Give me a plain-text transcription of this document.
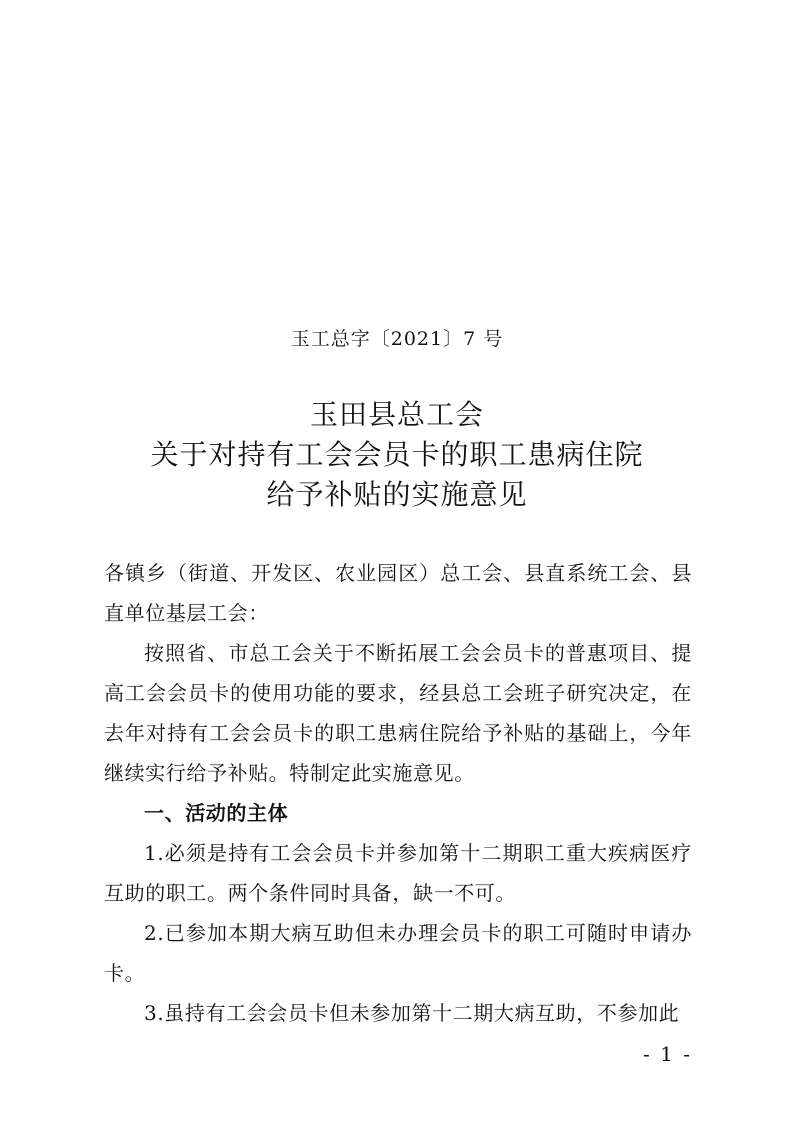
玉工总字〔2021〕7 号
玉田县总工会
关于对持有工会会员卡的职工患病住院
给予补贴的实施意见

各镇乡（街道、开发区、农业园区）总工会、县直系统工会、县直单位基层工会：

按照省、市总工会关于不断拓展工会会员卡的普惠项目、提高工会会员卡的使用功能的要求，经县总工会班子研究决定，在去年对持有工会会员卡的职工患病住院给予补贴的基础上，今年继续实行给予补贴。特制定此实施意见。

一、活动的主体

1.必须是持有工会会员卡并参加第十二期职工重大疾病医疗互助的职工。两个条件同时具备，缺一不可。

2.已参加本期大病互助但未办理会员卡的职工可随时申请办卡。

3.虽持有工会会员卡但未参加第十二期大病互助，不参加此

- 1 -
